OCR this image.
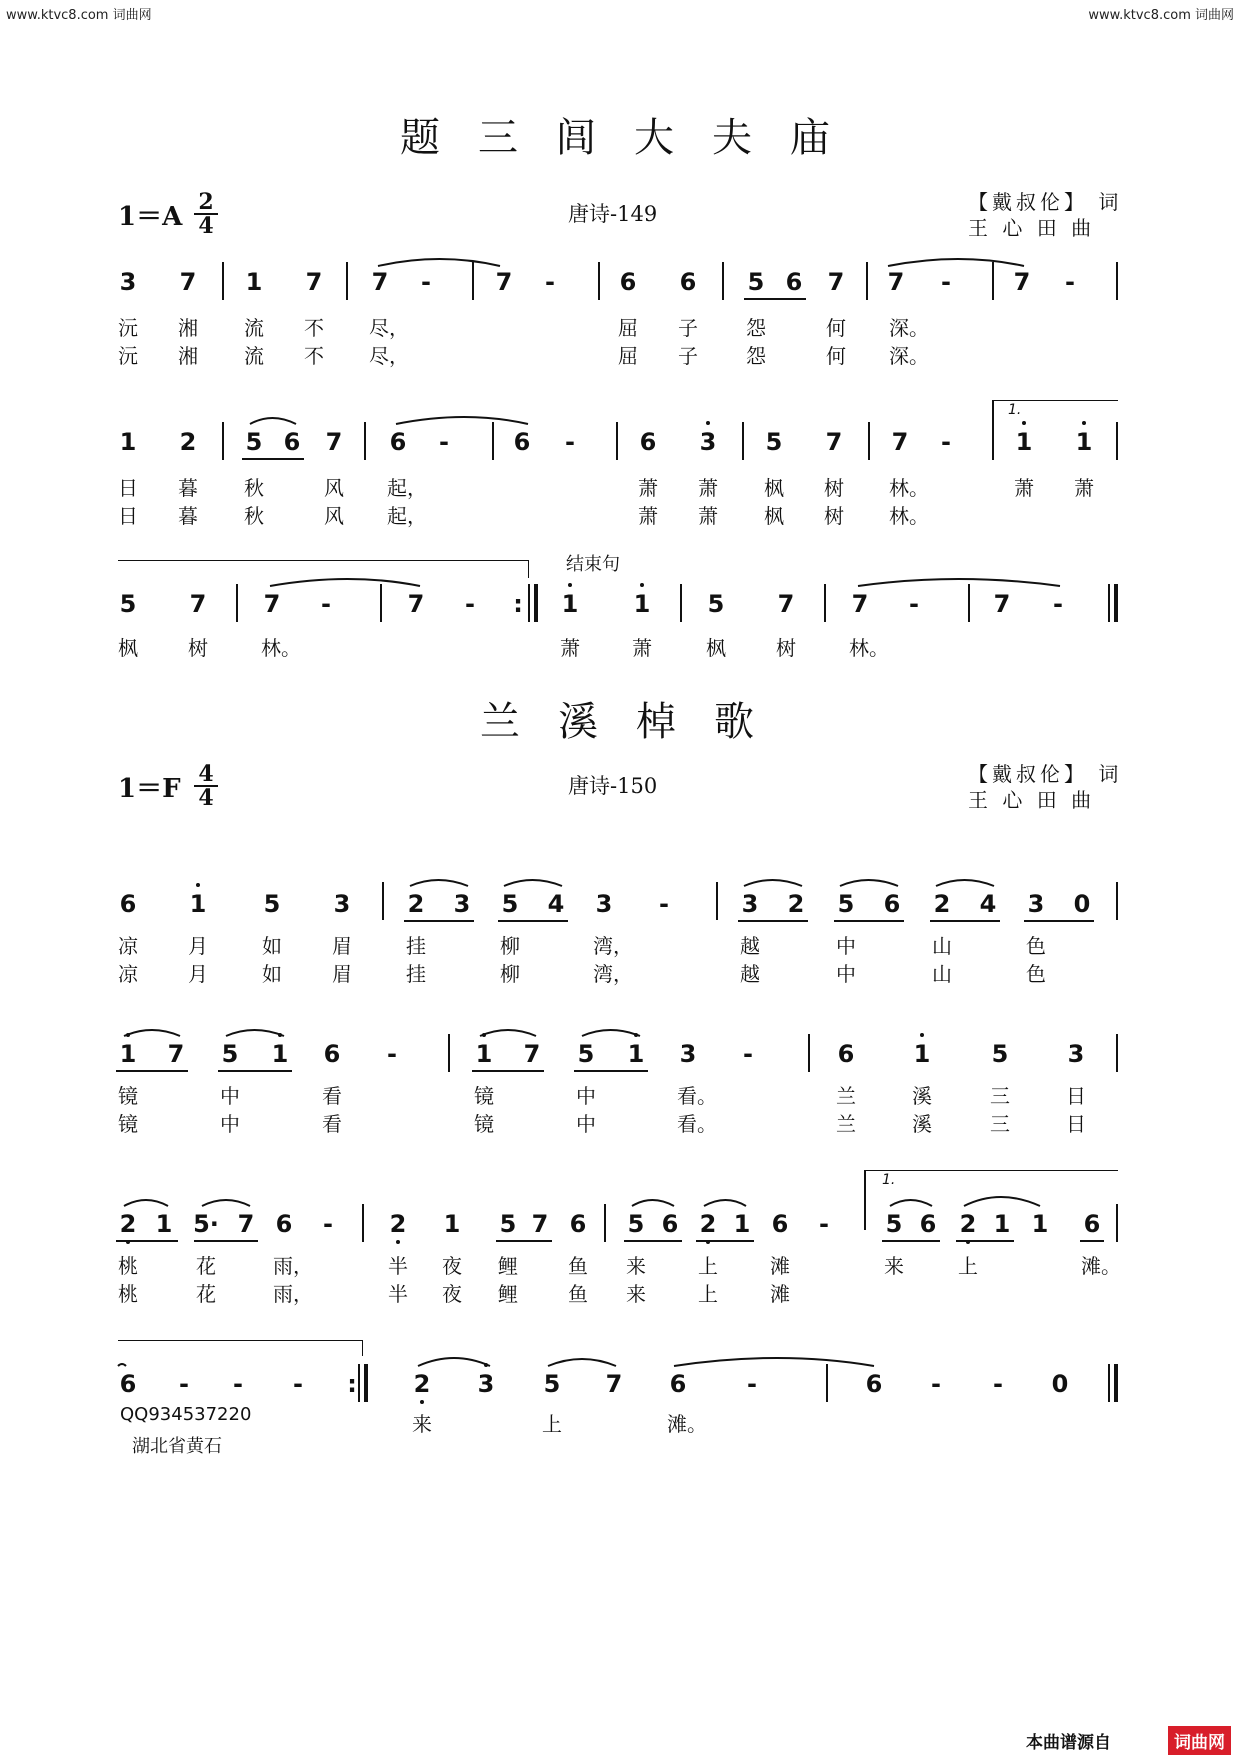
www.ktvc8.com 词曲网	www.ktvc8.com 词曲网
题三闾大夫庙
1＝A 2
4	唐诗-149	【戴叔伦】 词
王 心 田 曲
3 7 1 7 7	-	7	-	6 6 5 6 7 7	-	7	-
沅 湘 流 不 尽，	屈 子 怨	何 深。
沅 湘 流 不 尽，	屈 子 怨	何 深。
1 2 5 6 7 6	-	6	-	6 3 5 7 7	-	1 1
1.
日 暮 秋	风 起，	萧 萧 枫 树 林。	萧 萧
日 暮 秋	风 起，	萧 萧 枫 树 林。
结束句
5 7 7	-	7	-	1 1 5 7 7	-	7	-
:
枫	树	林。	萧	萧	枫	树	林。
兰溪棹歌
1＝F 4
4	唐诗-150	【戴叔伦】 词
王 心 田 曲
6 1 5 3 2 3 5 4 3	-	3 2 5 6 2 4 3 0
凉	月	如	眉	挂	柳	湾，	越	中	山	色
凉	月	如	眉	挂	柳	湾，	越	中	山	色
1 7 5 1 6	-	1 7 5 1 3	-	6 1	5 3
镜	中	看	镜	中	看。	兰	溪	三	日
镜	中	看	镜	中	看。	兰	溪	三	日
1.
2 1 5· 7 6	-	2 1 5 7 6 5 6 2 1 6	-	5 6 2 1 1 6
桃	花	雨，	半 夜 鲤	鱼 来	上	滩	来	上	滩。
桃	花	雨，	半 夜 鲤	鱼 来	上	滩
6	-	-	-	:	2 3 5 7 6	-	6	-	-	0
来	上	滩。
QQ934537220
湖北省黄石
本曲谱源自	词曲网
